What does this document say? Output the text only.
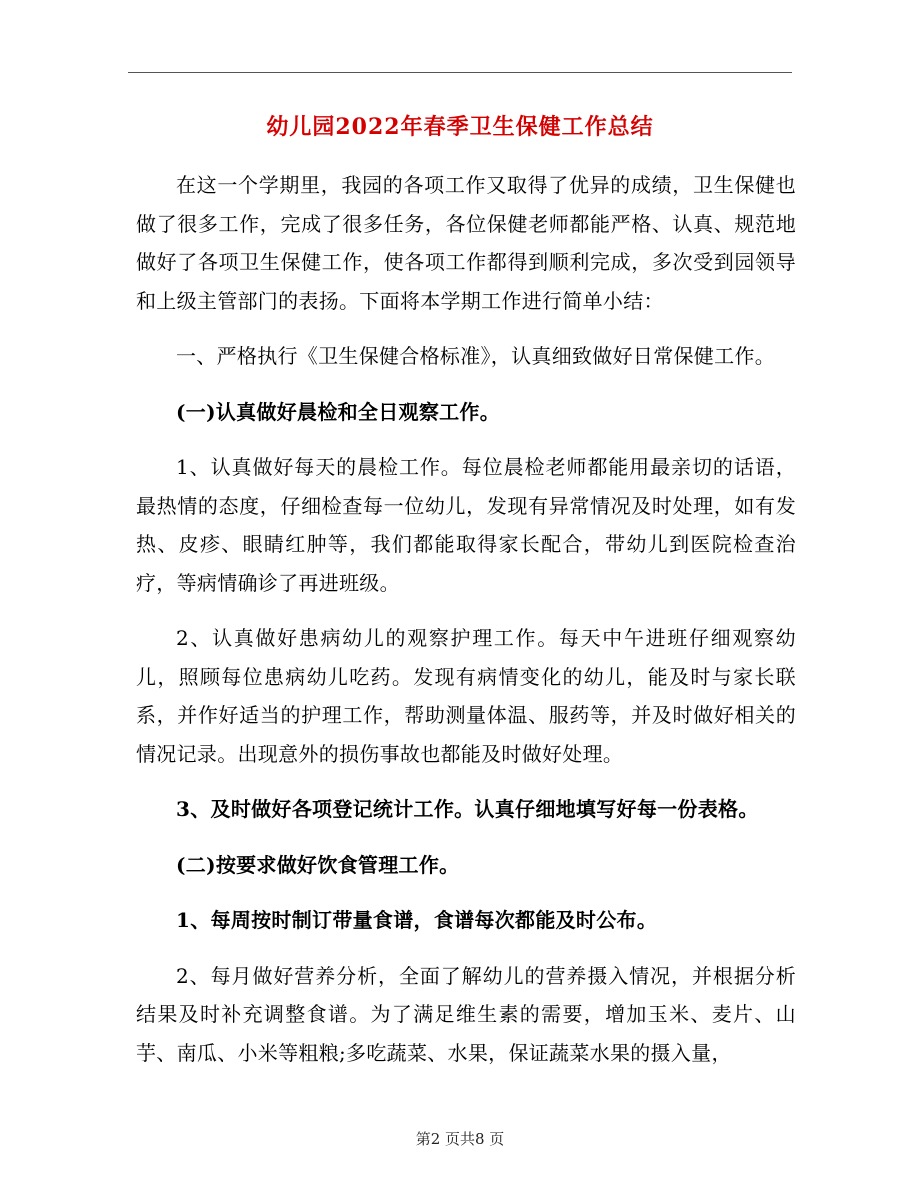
幼儿园2022年春季卫生保健工作总结

在这一个学期里，我园的各项工作又取得了优异的成绩，卫生保健也做了很多工作，完成了很多任务，各位保健老师都能严格、认真、规范地做好了各项卫生保健工作，使各项工作都得到顺利完成，多次受到园领导和上级主管部门的表扬。下面将本学期工作进行简单小结：

一、严格执行《卫生保健合格标准》，认真细致做好日常保健工作。

(一)认真做好晨检和全日观察工作。

1、认真做好每天的晨检工作。每位晨检老师都能用最亲切的话语，最热情的态度，仔细检查每一位幼儿，发现有异常情况及时处理，如有发热、皮疹、眼睛红肿等，我们都能取得家长配合，带幼儿到医院检查治疗，等病情确诊了再进班级。

2、认真做好患病幼儿的观察护理工作。每天中午进班仔细观察幼儿，照顾每位患病幼儿吃药。发现有病情变化的幼儿，能及时与家长联系，并作好适当的护理工作，帮助测量体温、服药等，并及时做好相关的情况记录。出现意外的损伤事故也都能及时做好处理。

3、及时做好各项登记统计工作。认真仔细地填写好每一份表格。

(二)按要求做好饮食管理工作。

1、每周按时制订带量食谱，食谱每次都能及时公布。

2、每月做好营养分析，全面了解幼儿的营养摄入情况，并根据分析结果及时补充调整食谱。为了满足维生素的需要，增加玉米、麦片、山芋、南瓜、小米等粗粮;多吃蔬菜、水果，保证蔬菜水果的摄入量，

第2 页共8 页
